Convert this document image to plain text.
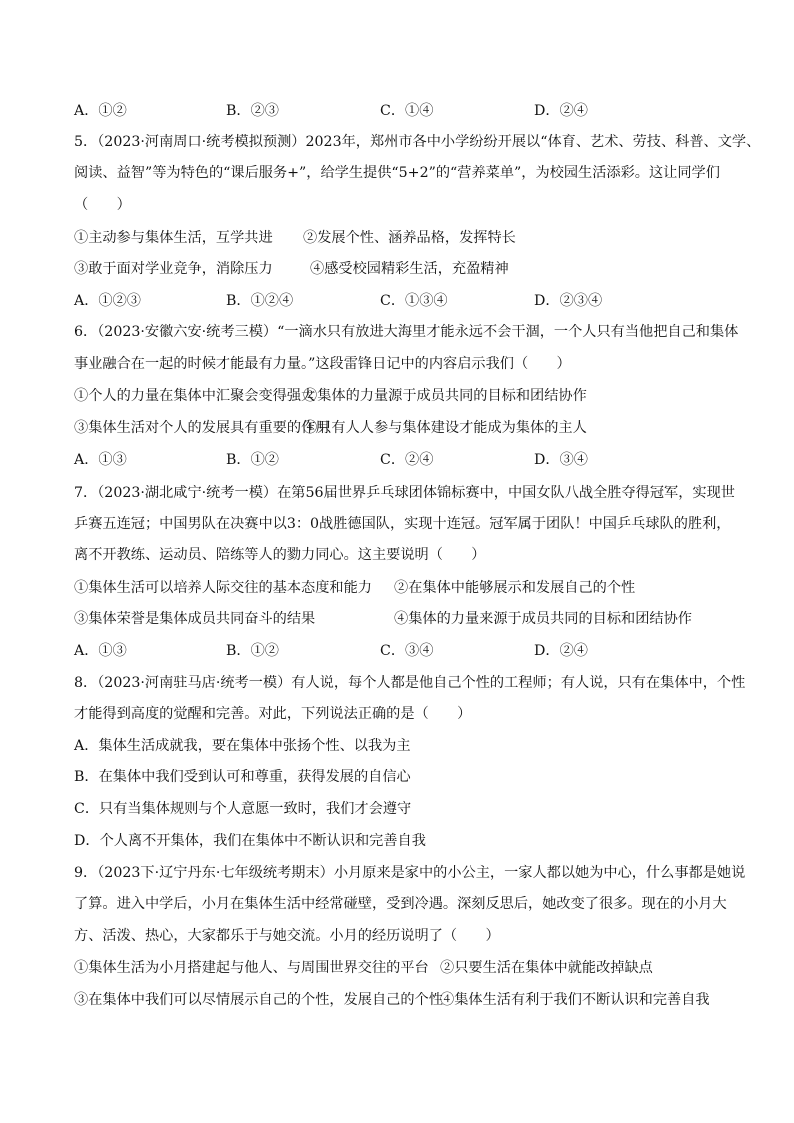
A．①②	B．②③	C．①④	D．②④
5．（2023·河南周口·统考模拟预测）2023年，郑州市各中小学纷纷开展以“体育、艺术、劳技、科普、文学、
阅读、益智”等为特色的“课后服务+”，给学生提供“5+2”的“营养菜单”，为校园生活添彩。这让同学们
（　　）
①主动参与集体生活，互学共进 ②发展个性、涵养品格，发挥特长
③敢于面对学业竞争，消除压力	④感受校园精彩生活，充盈精神
A．①②③	B．①②④	C．①③④	D．②③④
6．（2023·安徽六安·统考三模）“一滴水只有放进大海里才能永远不会干涸，一个人只有当他把自己和集体
事业融合在一起的时候才能最有力量。”这段雷锋日记中的内容启示我们（　　）
①个人的力量在集体中汇聚会变得强大
②集体的力量源于成员共同的目标和团结协作
③集体生活对个人的发展具有重要的作用
④只有人人参与集体建设才能成为集体的主人
A．①③	B．①②	C．②④	D．③④
7．（2023·湖北咸宁·统考一模）在第56届世界乒乓球团体锦标赛中，中国女队八战全胜夺得冠军，实现世
乒赛五连冠；中国男队在决赛中以3：0战胜德国队，实现十连冠。冠军属于团队！中国乒乓球队的胜利，
离不开教练、运动员、陪练等人的勠力同心。这主要说明（　　）
①集体生活可以培养人际交往的基本态度和能力 ②在集体中能够展示和发展自己的个性
③集体荣誉是集体成员共同奋斗的结果	④集体的力量来源于成员共同的目标和团结协作
A．①③	B．①②	C．③④	D．②④
8．（2023·河南驻马店·统考一模）有人说，每个人都是他自己个性的工程师；有人说，只有在集体中，个性
才能得到高度的觉醒和完善。对此，下列说法正确的是（　　）
A．集体生活成就我，要在集体中张扬个性、以我为主
B．在集体中我们受到认可和尊重，获得发展的自信心
C．只有当集体规则与个人意愿一致时，我们才会遵守
D．个人离不开集体，我们在集体中不断认识和完善自我
9．（2023下·辽宁丹东·七年级统考期末）小月原来是家中的小公主，一家人都以她为中心，什么事都是她说
了算。进入中学后，小月在集体生活中经常碰壁，受到冷遇。深刻反思后，她改变了很多。现在的小月大
方、活泼、热心，大家都乐于与她交流。小月的经历说明了（　　）
①集体生活为小月搭建起与他人、与周围世界交往的平台 ②只要生活在集体中就能改掉缺点
③在集体中我们可以尽情展示自己的个性，发展自己的个性
④集体生活有利于我们不断认识和完善自我
